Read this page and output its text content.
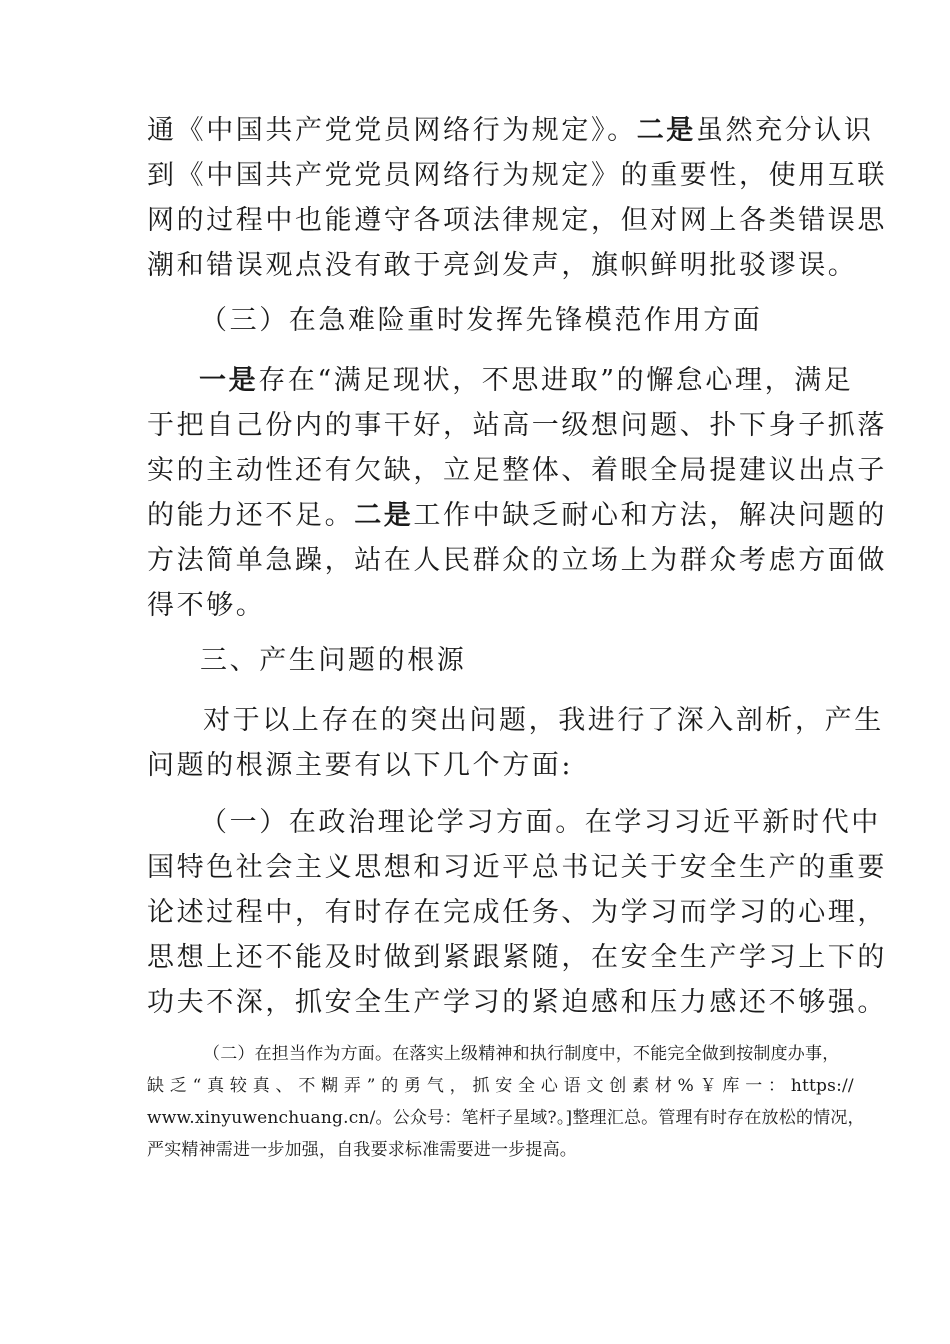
通《中国共产党党员网络行为规定》。二是虽然充分认识
到《中国共产党党员网络行为规定》的重要性，使用互联
网的过程中也能遵守各项法律规定，但对网上各类错误思
潮和错误观点没有敢于亮剑发声，旗帜鲜明批驳谬误。
（三）在急难险重时发挥先锋模范作用方面
一是存在“满足现状，不思进取”的懈怠心理，满足
于把自己份内的事干好，站高一级想问题、扑下身子抓落
实的主动性还有欠缺，立足整体、着眼全局提建议出点子
的能力还不足。二是工作中缺乏耐心和方法，解决问题的
方法简单急躁，站在人民群众的立场上为群众考虑方面做
得不够。
三、产生问题的根源
对于以上存在的突出问题，我进行了深入剖析，产生
问题的根源主要有以下几个方面:
（一）在政治理论学习方面。在学习习近平新时代中
国特色社会主义思想和习近平总书记关于安全生产的重要
论述过程中，有时存在完成任务、为学习而学习的心理，
思想上还不能及时做到紧跟紧随，在安全生产学习上下的
功夫不深，抓安全生产学习的紧迫感和压力感还不够强。
（二）在担当作为方面。在落实上级精神和执行制度中，不能完全做到按制度办事，
缺 乏 “ 真 较 真 、 不 糊 弄 ” 的 勇 气 ， 抓 安 全 心 语 文 创 素 材 % ￥ 库 一 ： https://
www.xinyuwenchuang.cn/。公众号：笔杆子星域?。]整理汇总。管理有时存在放松的情况，
严实精神需进一步加强，自我要求标准需要进一步提高。
